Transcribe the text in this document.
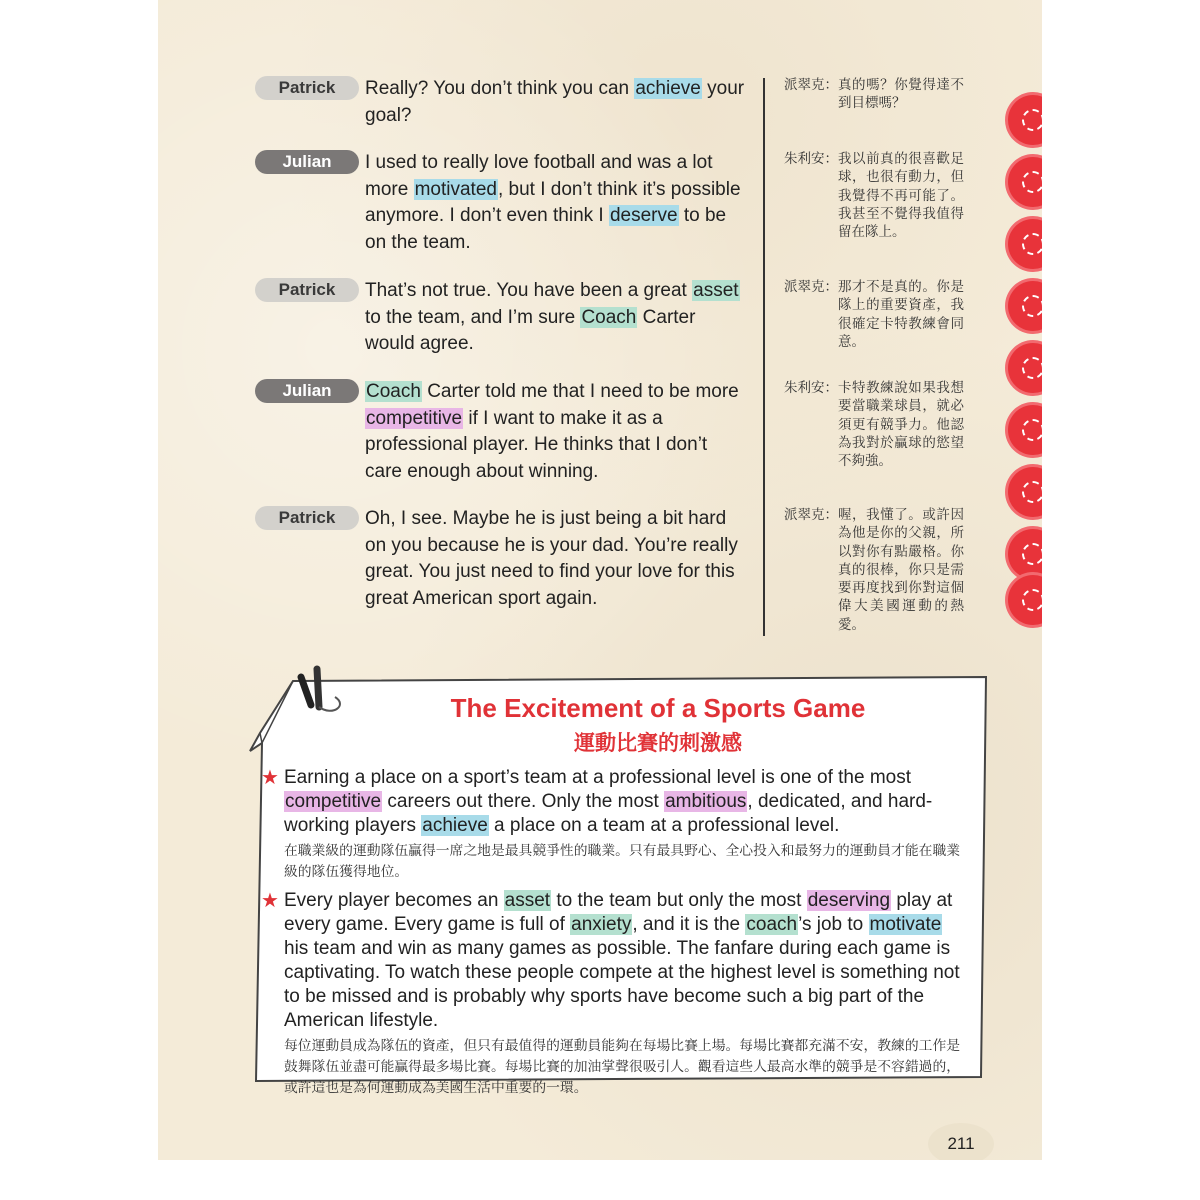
Patrick	Really? You don’t think you can achieve your goal?
派翠克： 真的嗎？你覺得達不到目標嗎？
Julian	I used to really love football and was a lot more motivated, but I don’t think it’s possible anymore. I don’t even think I deserve to be on the team.
朱利安： 我以前真的很喜歡足球，也很有動力，但我覺得不再可能了。我甚至不覺得我值得留在隊上。
Patrick	That’s not true. You have been a great asset to the team, and I’m sure Coach Carter would agree.
派翠克： 那才不是真的。你是隊上的重要資產，我很確定卡特教練會同意。
Julian	Coach Carter told me that I need to be more competitive if I want to make it as a professional player. He thinks that I don’t care enough about winning.
朱利安： 卡特教練說如果我想要當職業球員，就必須更有競爭力。他認為我對於贏球的慾望不夠強。
Patrick	Oh, I see. Maybe he is just being a bit hard on you because he is your dad. You’re really great. You just need to find your love for this great American sport again.
派翠克： 喔，我懂了。或許因為他是你的父親，所以對你有點嚴格。你真的很棒，你只是需要再度找到你對這個偉大美國運動的熱愛。
The Excitement of a Sports Game
運動比賽的刺激感
★ Earning a place on a sport’s team at a professional level is one of the most competitive careers out there. Only the most ambitious, dedicated, and hard-working players achieve a place on a team at a professional level.
在職業級的運動隊伍贏得一席之地是最具競爭性的職業。只有最具野心、全心投入和最努力的運動員才能在職業級的隊伍獲得地位。
★ Every player becomes an asset to the team but only the most deserving play at every game. Every game is full of anxiety, and it is the coach’s job to motivate his team and win as many games as possible. The fanfare during each game is captivating. To watch these people compete at the highest level is something not to be missed and is probably why sports have become such a big part of the American lifestyle.
每位運動員成為隊伍的資產，但只有最值得的運動員能夠在每場比賽上場。每場比賽都充滿不安，教練的工作是鼓舞隊伍並盡可能贏得最多場比賽。每場比賽的加油掌聲很吸引人。觀看這些人最高水準的競爭是不容錯過的，或許這也是為何運動成為美國生活中重要的一環。
211
